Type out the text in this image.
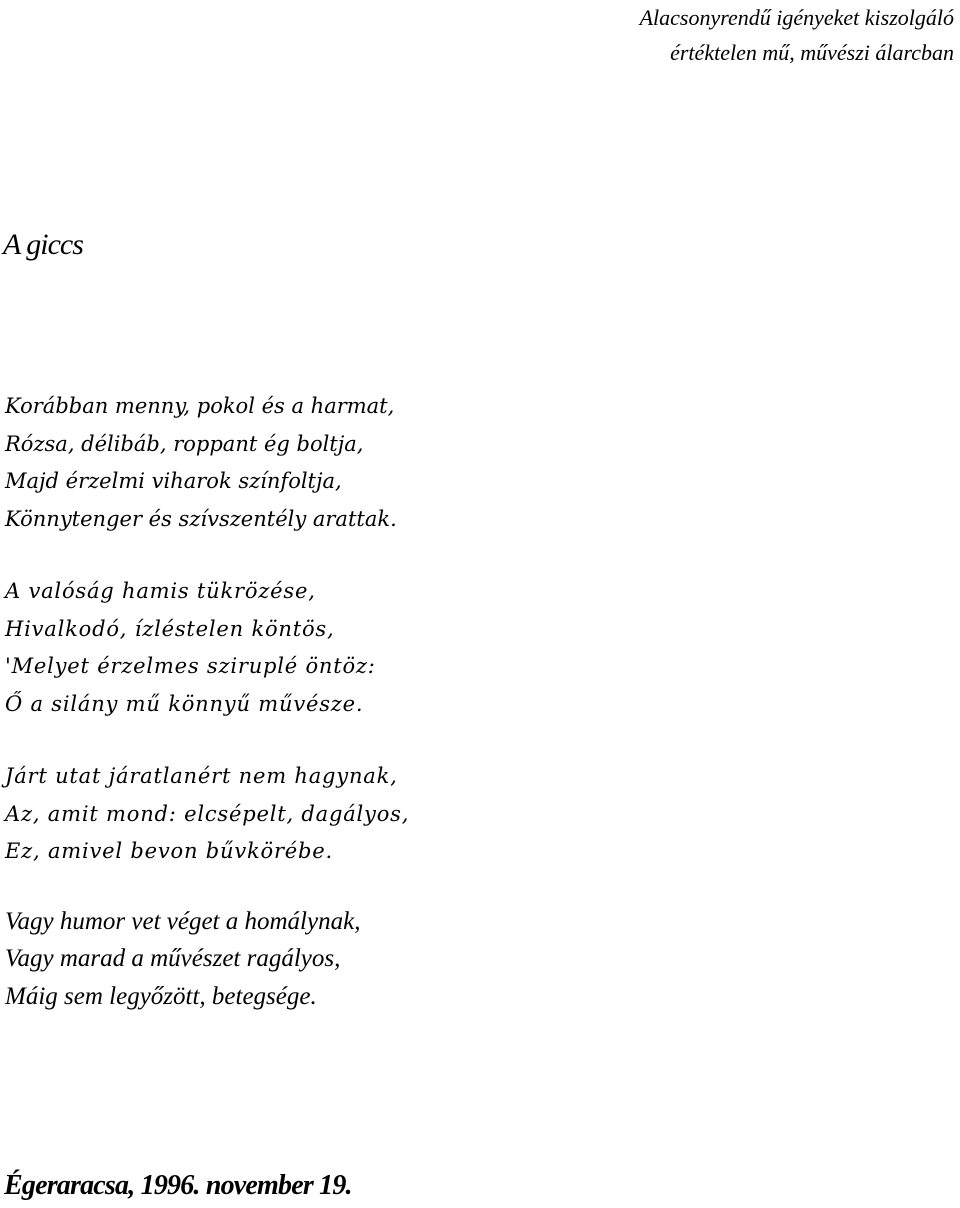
Alacsonyrendű igényeket kiszolgáló
értéktelen mű, művészi álarcban
A giccs

Korábban menny, pokol és a harmat,
Rózsa, délibáb, roppant ég boltja,
Majd érzelmi viharok színfoltja,
Könnytenger és szívszentély arattak.

A valóság hamis tükrözése,
Hivalkodó, ízléstelen köntös,
'Melyet érzelmes sziruplé öntöz:
Ő a silány mű könnyű művésze.

Járt utat járatlanért nem hagynak,
Az, amit mond: elcsépelt, dagályos,
Ez, amivel bevon bűvkörébe.

Vagy humor vet véget a homálynak,
Vagy marad a művészet ragályos,
Máig sem legyőzött, betegsége.

Égeraracsa, 1996. november 19.
